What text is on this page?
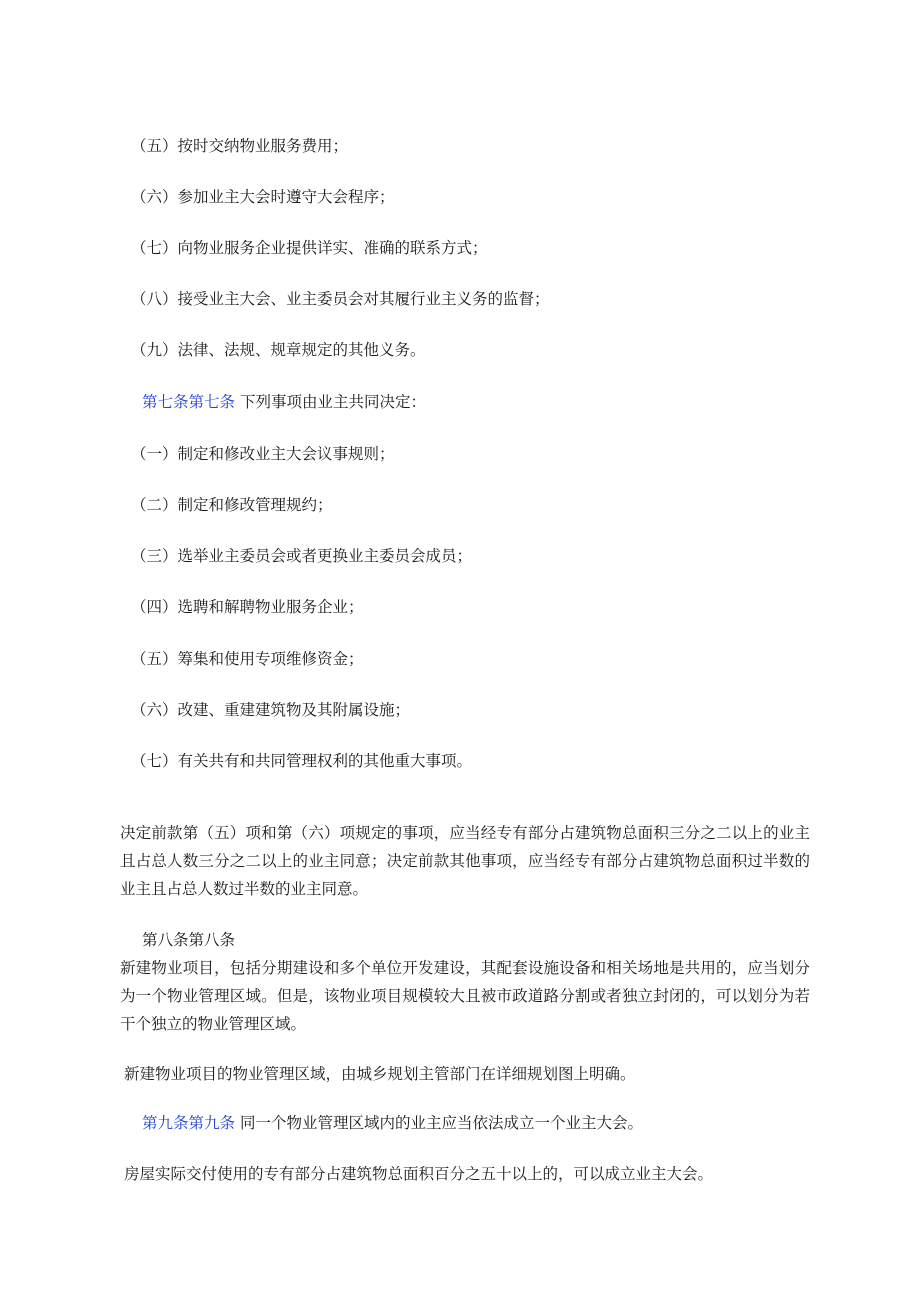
（五）按时交纳物业服务费用；
（六）参加业主大会时遵守大会程序；
（七）向物业服务企业提供详实、准确的联系方式；
（八）接受业主大会、业主委员会对其履行业主义务的监督；
（九）法律、法规、规章规定的其他义务。
第七条第七条 下列事项由业主共同决定：
（一）制定和修改业主大会议事规则；
（二）制定和修改管理规约；
（三）选举业主委员会或者更换业主委员会成员；
（四）选聘和解聘物业服务企业；
（五）筹集和使用专项维修资金；
（六）改建、重建建筑物及其附属设施；
（七）有关共有和共同管理权利的其他重大事项。
决定前款第（五）项和第（六）项规定的事项，应当经专有部分占建筑物总面积三分之二以上的业主且占总人数三分之二以上的业主同意；决定前款其他事项，应当经专有部分占建筑物总面积过半数的业主且占总人数过半数的业主同意。
第八条第八条
新建物业项目，包括分期建设和多个单位开发建设，其配套设施设备和相关场地是共用的，应当划分为一个物业管理区域。但是，该物业项目规模较大且被市政道路分割或者独立封闭的，可以划分为若干个独立的物业管理区域。
新建物业项目的物业管理区域，由城乡规划主管部门在详细规划图上明确。
第九条第九条 同一个物业管理区域内的业主应当依法成立一个业主大会。
房屋实际交付使用的专有部分占建筑物总面积百分之五十以上的，可以成立业主大会。
